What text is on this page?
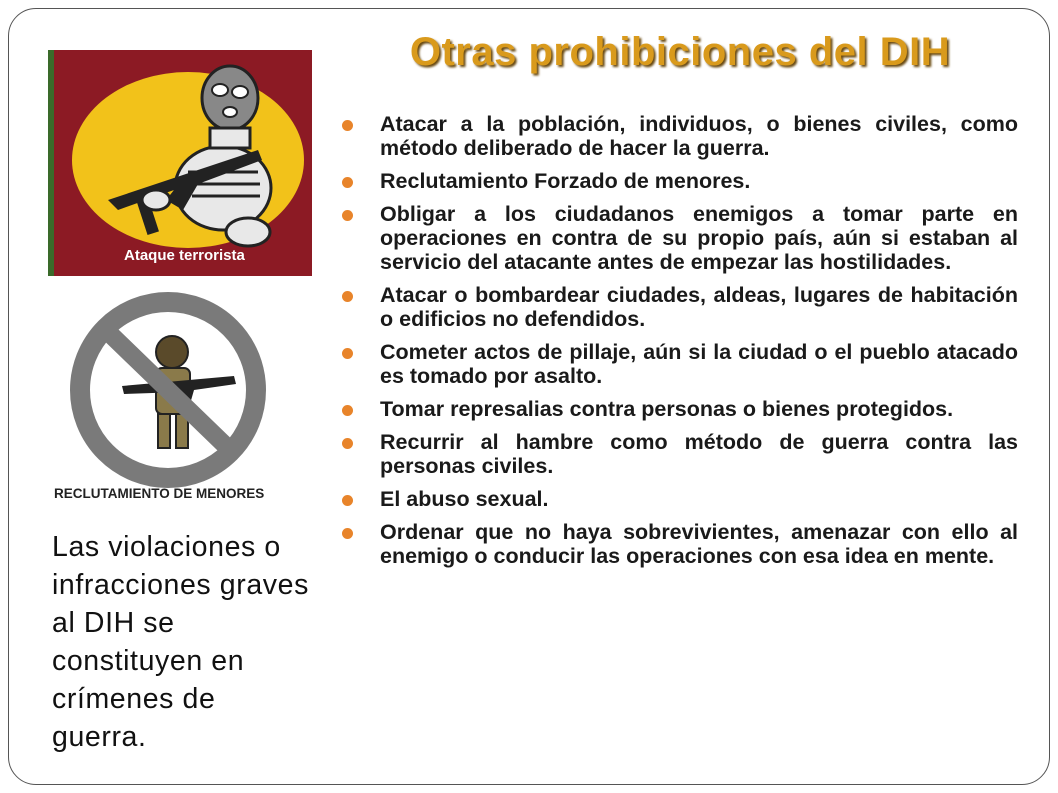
Otras prohibiciones del DIH
Ataque terrorista
RECLUTAMIENTO DE MENORES
Atacar a la población, individuos, o bienes civiles, como método deliberado de hacer la guerra.
Reclutamiento Forzado de menores.
Obligar a los ciudadanos enemigos a tomar parte en operaciones en contra de su propio país, aún si estaban al servicio del atacante antes de empezar las hostilidades.
Atacar o bombardear ciudades, aldeas, lugares de habitación o edificios no defendidos.
Cometer actos de pillaje, aún si la ciudad o el pueblo atacado es tomado por asalto.
Tomar represalias contra personas o bienes protegidos.
Recurrir al hambre como método de guerra contra las personas civiles.
El abuso sexual.
Ordenar que no haya sobrevivientes, amenazar con ello al enemigo o conducir las operaciones con esa idea en mente.
Las violaciones o infracciones graves al DIH se constituyen en crímenes de guerra.
